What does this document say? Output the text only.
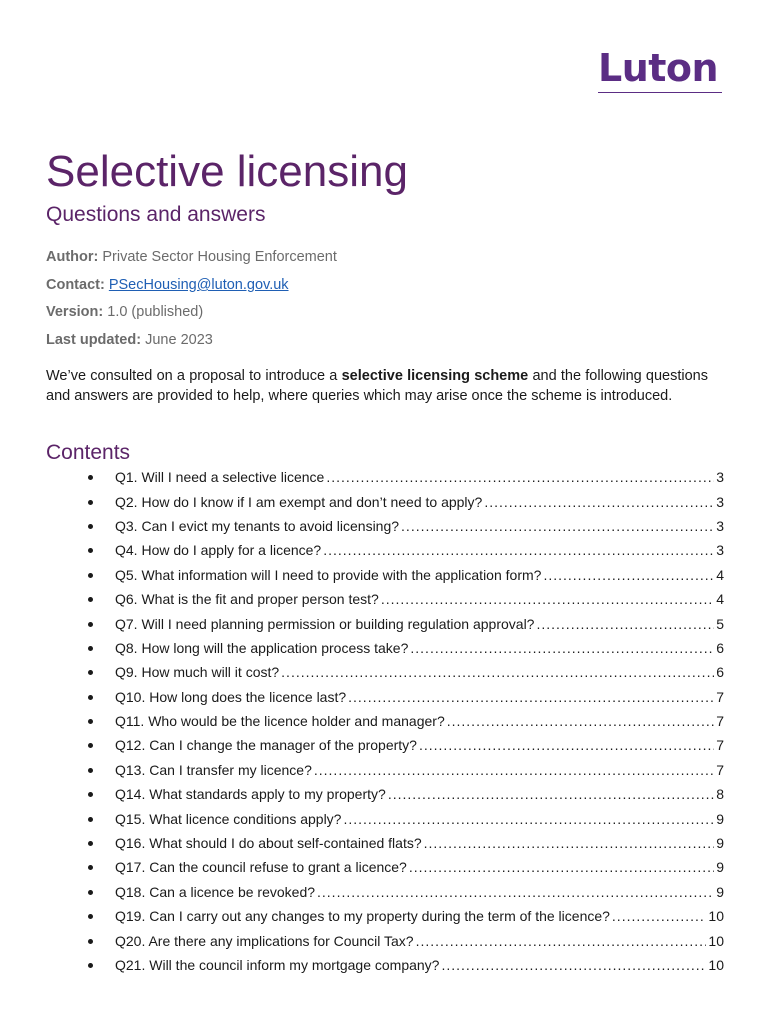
Luton
Selective licensing
Questions and answers
Author: Private Sector Housing Enforcement
Contact: PSecHousing@luton.gov.uk
Version: 1.0 (published)
Last updated: June 2023

We’ve consulted on a proposal to introduce a selective licensing scheme and the following questions and answers are provided to help, where queries which may arise once the scheme is introduced.

Contents
Q1. Will I need a selective licence .....	3
Q2. How do I know if I am exempt and don’t need to apply? .....	3
Q3. Can I evict my tenants to avoid licensing? .....	3
Q4. How do I apply for a licence? .....	3
Q5. What information will I need to provide with the application form? .....	4
Q6. What is the fit and proper person test? .....	4
Q7. Will I need planning permission or building regulation approval? .....	5
Q8. How long will the application process take? .....	6
Q9. How much will it cost? .....	6
Q10. How long does the licence last? .....	7
Q11. Who would be the licence holder and manager? .....	7
Q12. Can I change the manager of the property? .....	7
Q13. Can I transfer my licence? .....	7
Q14. What standards apply to my property? .....	8
Q15. What licence conditions apply? .....	9
Q16. What should I do about self-contained flats? .....	9
Q17. Can the council refuse to grant a licence? .....	9
Q18. Can a licence be revoked? .....	9
Q19. Can I carry out any changes to my property during the term of the licence? .....	10
Q20. Are there any implications for Council Tax? .....	10
Q21. Will the council inform my mortgage company? .....	10
